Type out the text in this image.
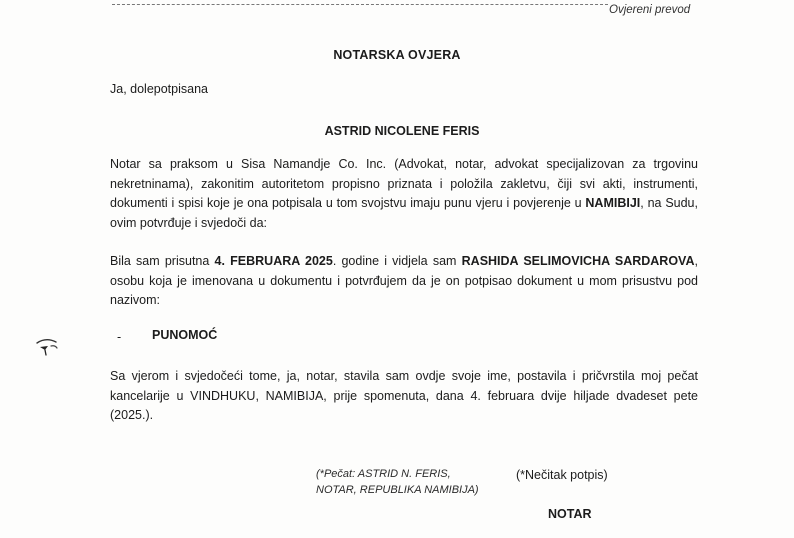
Ovjereni prevod
NOTARSKA OVJERA
Ja, dolepotpisana
ASTRID NICOLENE FERIS
Notar sa praksom u Sisa Namandje Co. Inc. (Advokat, notar, advokat specijalizovan za trgovinu nekretninama), zakonitim autoritetom propisno priznata i položila zakletvu, čiji svi akti, instrumenti, dokumenti i spisi koje je ona potpisala u tom svojstvu imaju punu vjeru i povjerenje u NAMIBIJI, na Sudu, ovim potvrđuje i svjedoči da:
Bila sam prisutna 4. FEBRUARA 2025. godine i vidjela sam RASHIDA SELIMOVICHA SARDAROVA, osobu koja je imenovana u dokumentu i potvrđujem da je on potpisao dokument u mom prisustvu pod nazivom:
- PUNOMOĆ
Sa vjerom i svjedočeći tome, ja, notar, stavila sam ovdje svoje ime, postavila i pričvrstila moj pečat kancelarije u VINDHUKU, NAMIBIJA, prije spomenuta, dana 4. februara dvije hiljade dvadeset pete (2025.).
(*Pečat: ASTRID N. FERIS,
NOTAR, REPUBLIKA NAMIBIJA)
(*Nečitak potpis)
NOTAR
